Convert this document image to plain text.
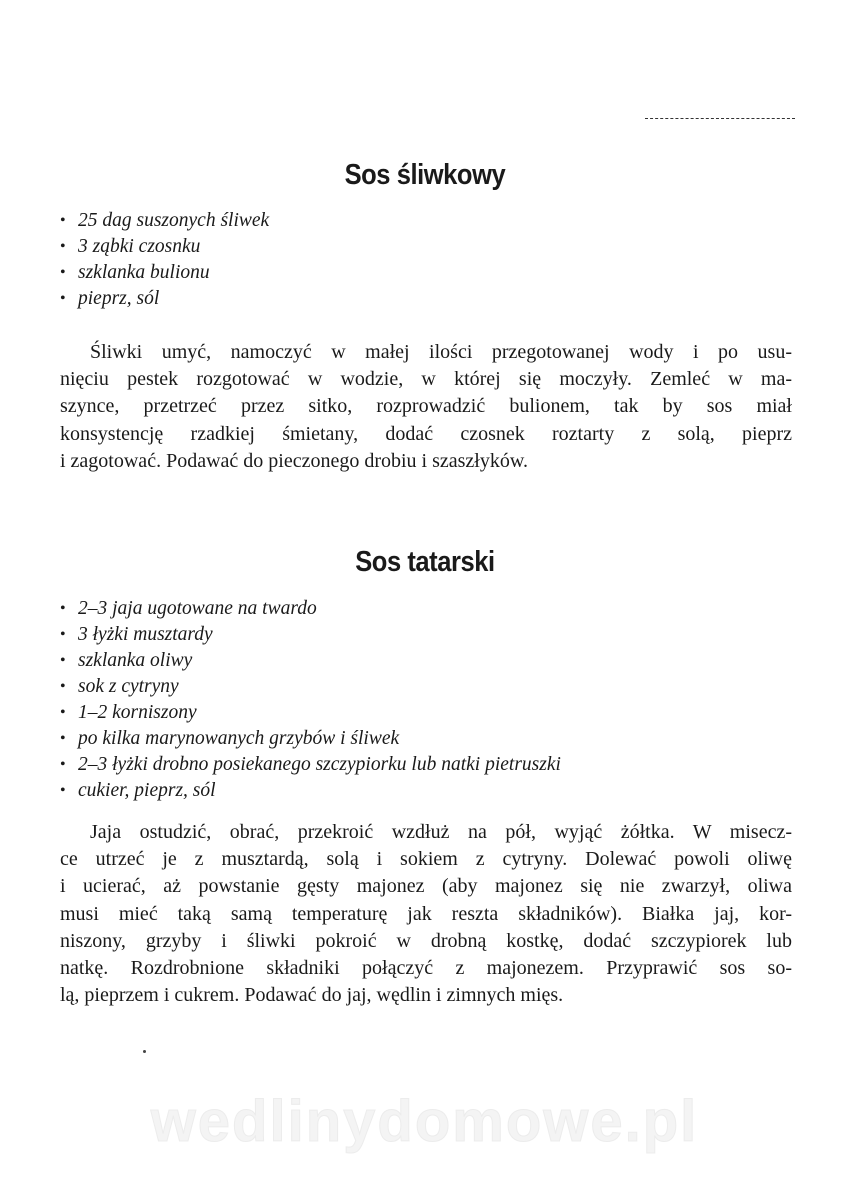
Sos śliwkowy
• 25 dag suszonych śliwek
• 3 ząbki czosnku
• szklanka bulionu
• pieprz, sól

Śliwki umyć, namoczyć w małej ilości przegotowanej wody i po usu-
nięciu pestek rozgotować w wodzie, w której się moczyły. Zemleć w ma-
szynce, przetrzeć przez sitko, rozprowadzić bulionem, tak by sos miał
konsystencję rzadkiej śmietany, dodać czosnek roztarty z solą, pieprz
i zagotować. Podawać do pieczonego drobiu i szaszłyków.

Sos tatarski
• 2–3 jaja ugotowane na twardo
• 3 łyżki musztardy
• szklanka oliwy
• sok z cytryny
• 1–2 korniszony
• po kilka marynowanych grzybów i śliwek
• 2–3 łyżki drobno posiekanego szczypiorku lub natki pietruszki
• cukier, pieprz, sól

Jaja ostudzić, obrać, przekroić wzdłuż na pół, wyjąć żółtka. W misecz-
ce utrzeć je z musztardą, solą i sokiem z cytryny. Dolewać powoli oliwę
i ucierać, aż powstanie gęsty majonez (aby majonez się nie zwarzył, oliwa
musi mieć taką samą temperaturę jak reszta składników). Białka jaj, kor-
niszony, grzyby i śliwki pokroić w drobną kostkę, dodać szczypiorek lub
natkę. Rozdrobnione składniki połączyć z majonezem. Przyprawić sos so-
lą, pieprzem i cukrem. Podawać do jaj, wędlin i zimnych mięs.

wedlinydomowe.pl
